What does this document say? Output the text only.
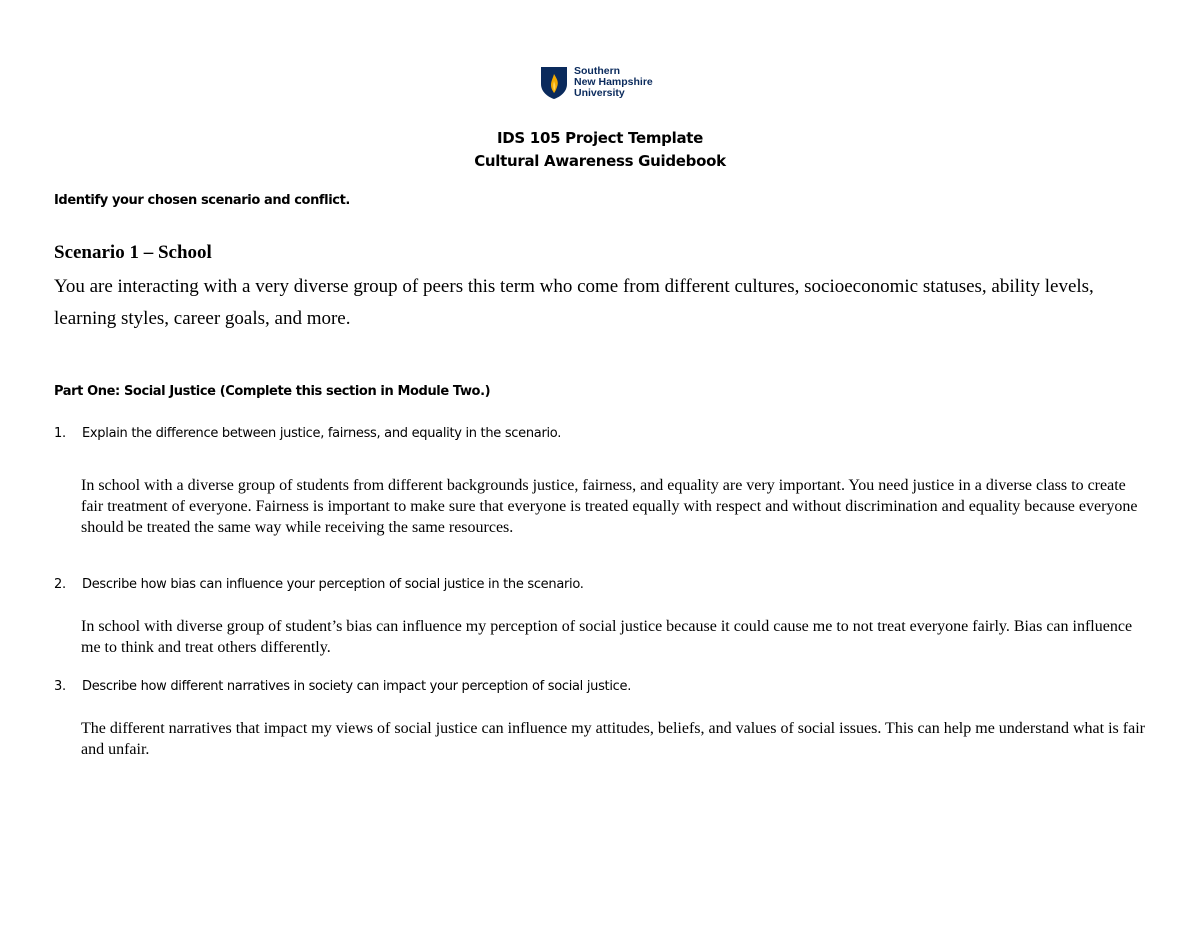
Southern
New Hampshire
University
IDS 105 Project Template
Cultural Awareness Guidebook
Identify your chosen scenario and conflict.
Scenario 1 – School
You are interacting with a very diverse group of peers this term who come from different cultures, socioeconomic statuses, ability levels, learning styles, career goals, and more.
Part One: Social Justice (Complete this section in Module Two.)
1. Explain the difference between justice, fairness, and equality in the scenario.
In school with a diverse group of students from different backgrounds justice, fairness, and equality are very important. You need justice in a diverse class to create fair treatment of everyone. Fairness is important to make sure that everyone is treated equally with respect and without discrimination and equality because everyone should be treated the same way while receiving the same resources.
2. Describe how bias can influence your perception of social justice in the scenario.
In school with diverse group of student’s bias can influence my perception of social justice because it could cause me to not treat everyone fairly. Bias can influence me to think and treat others differently.
3. Describe how different narratives in society can impact your perception of social justice.
The different narratives that impact my views of social justice can influence my attitudes, beliefs, and values of social issues. This can help me understand what is fair and unfair.
